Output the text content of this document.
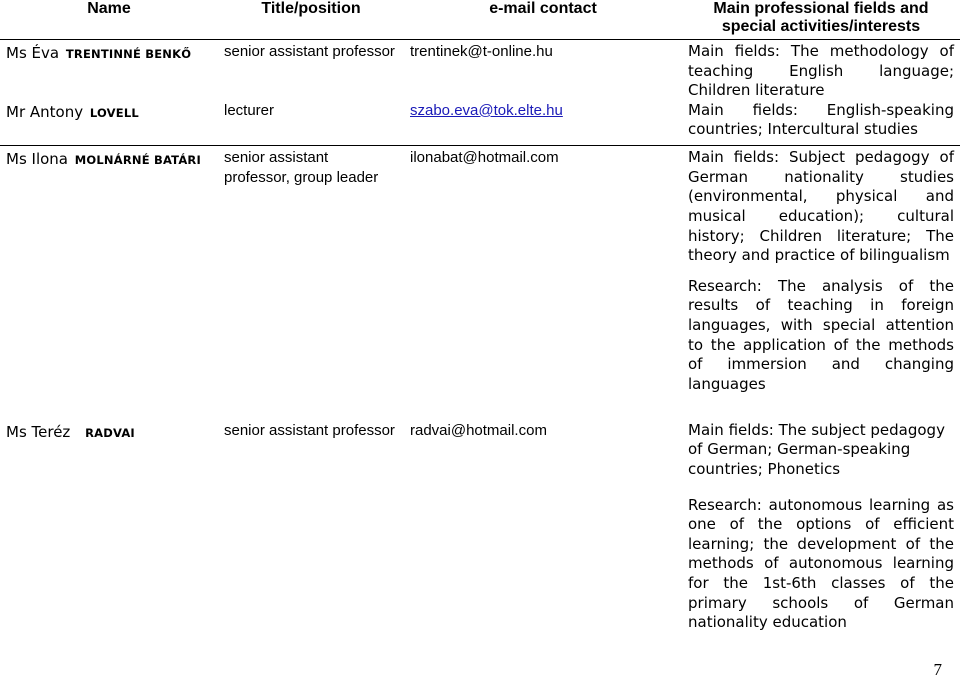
Name	Title/position	e-mail contact	Main professional fields and special activities/interests
Ms Éva TRENTINNÉ BENKŐ	senior assistant professor	trentinek@t-online.hu	Main fields: The methodology of teaching English language; Children literature

Mr Antony LOVELL	lecturer	szabo.eva@tok.elte.hu	Main fields: English-speaking countries; Intercultural studies

Ms Ilona MOLNÁRNÉ BATÁRI	senior assistant professor, group leader	ilonabat@hotmail.com	Main fields: Subject pedagogy of German nationality studies (environmental, physical and musical education); cultural history; Children literature; The theory and practice of bilingualism

Research: The analysis of the results of teaching in foreign languages, with special attention to the application of the methods of immersion and changing languages

Ms Teréz RADVAI	senior assistant professor	radvai@hotmail.com	Main fields: The subject pedagogy of German; German-speaking countries; Phonetics

Research: autonomous learning as one of the options of efficient learning; the development of the methods of autonomous learning for the 1st-6th classes of the primary schools of German nationality education

7
